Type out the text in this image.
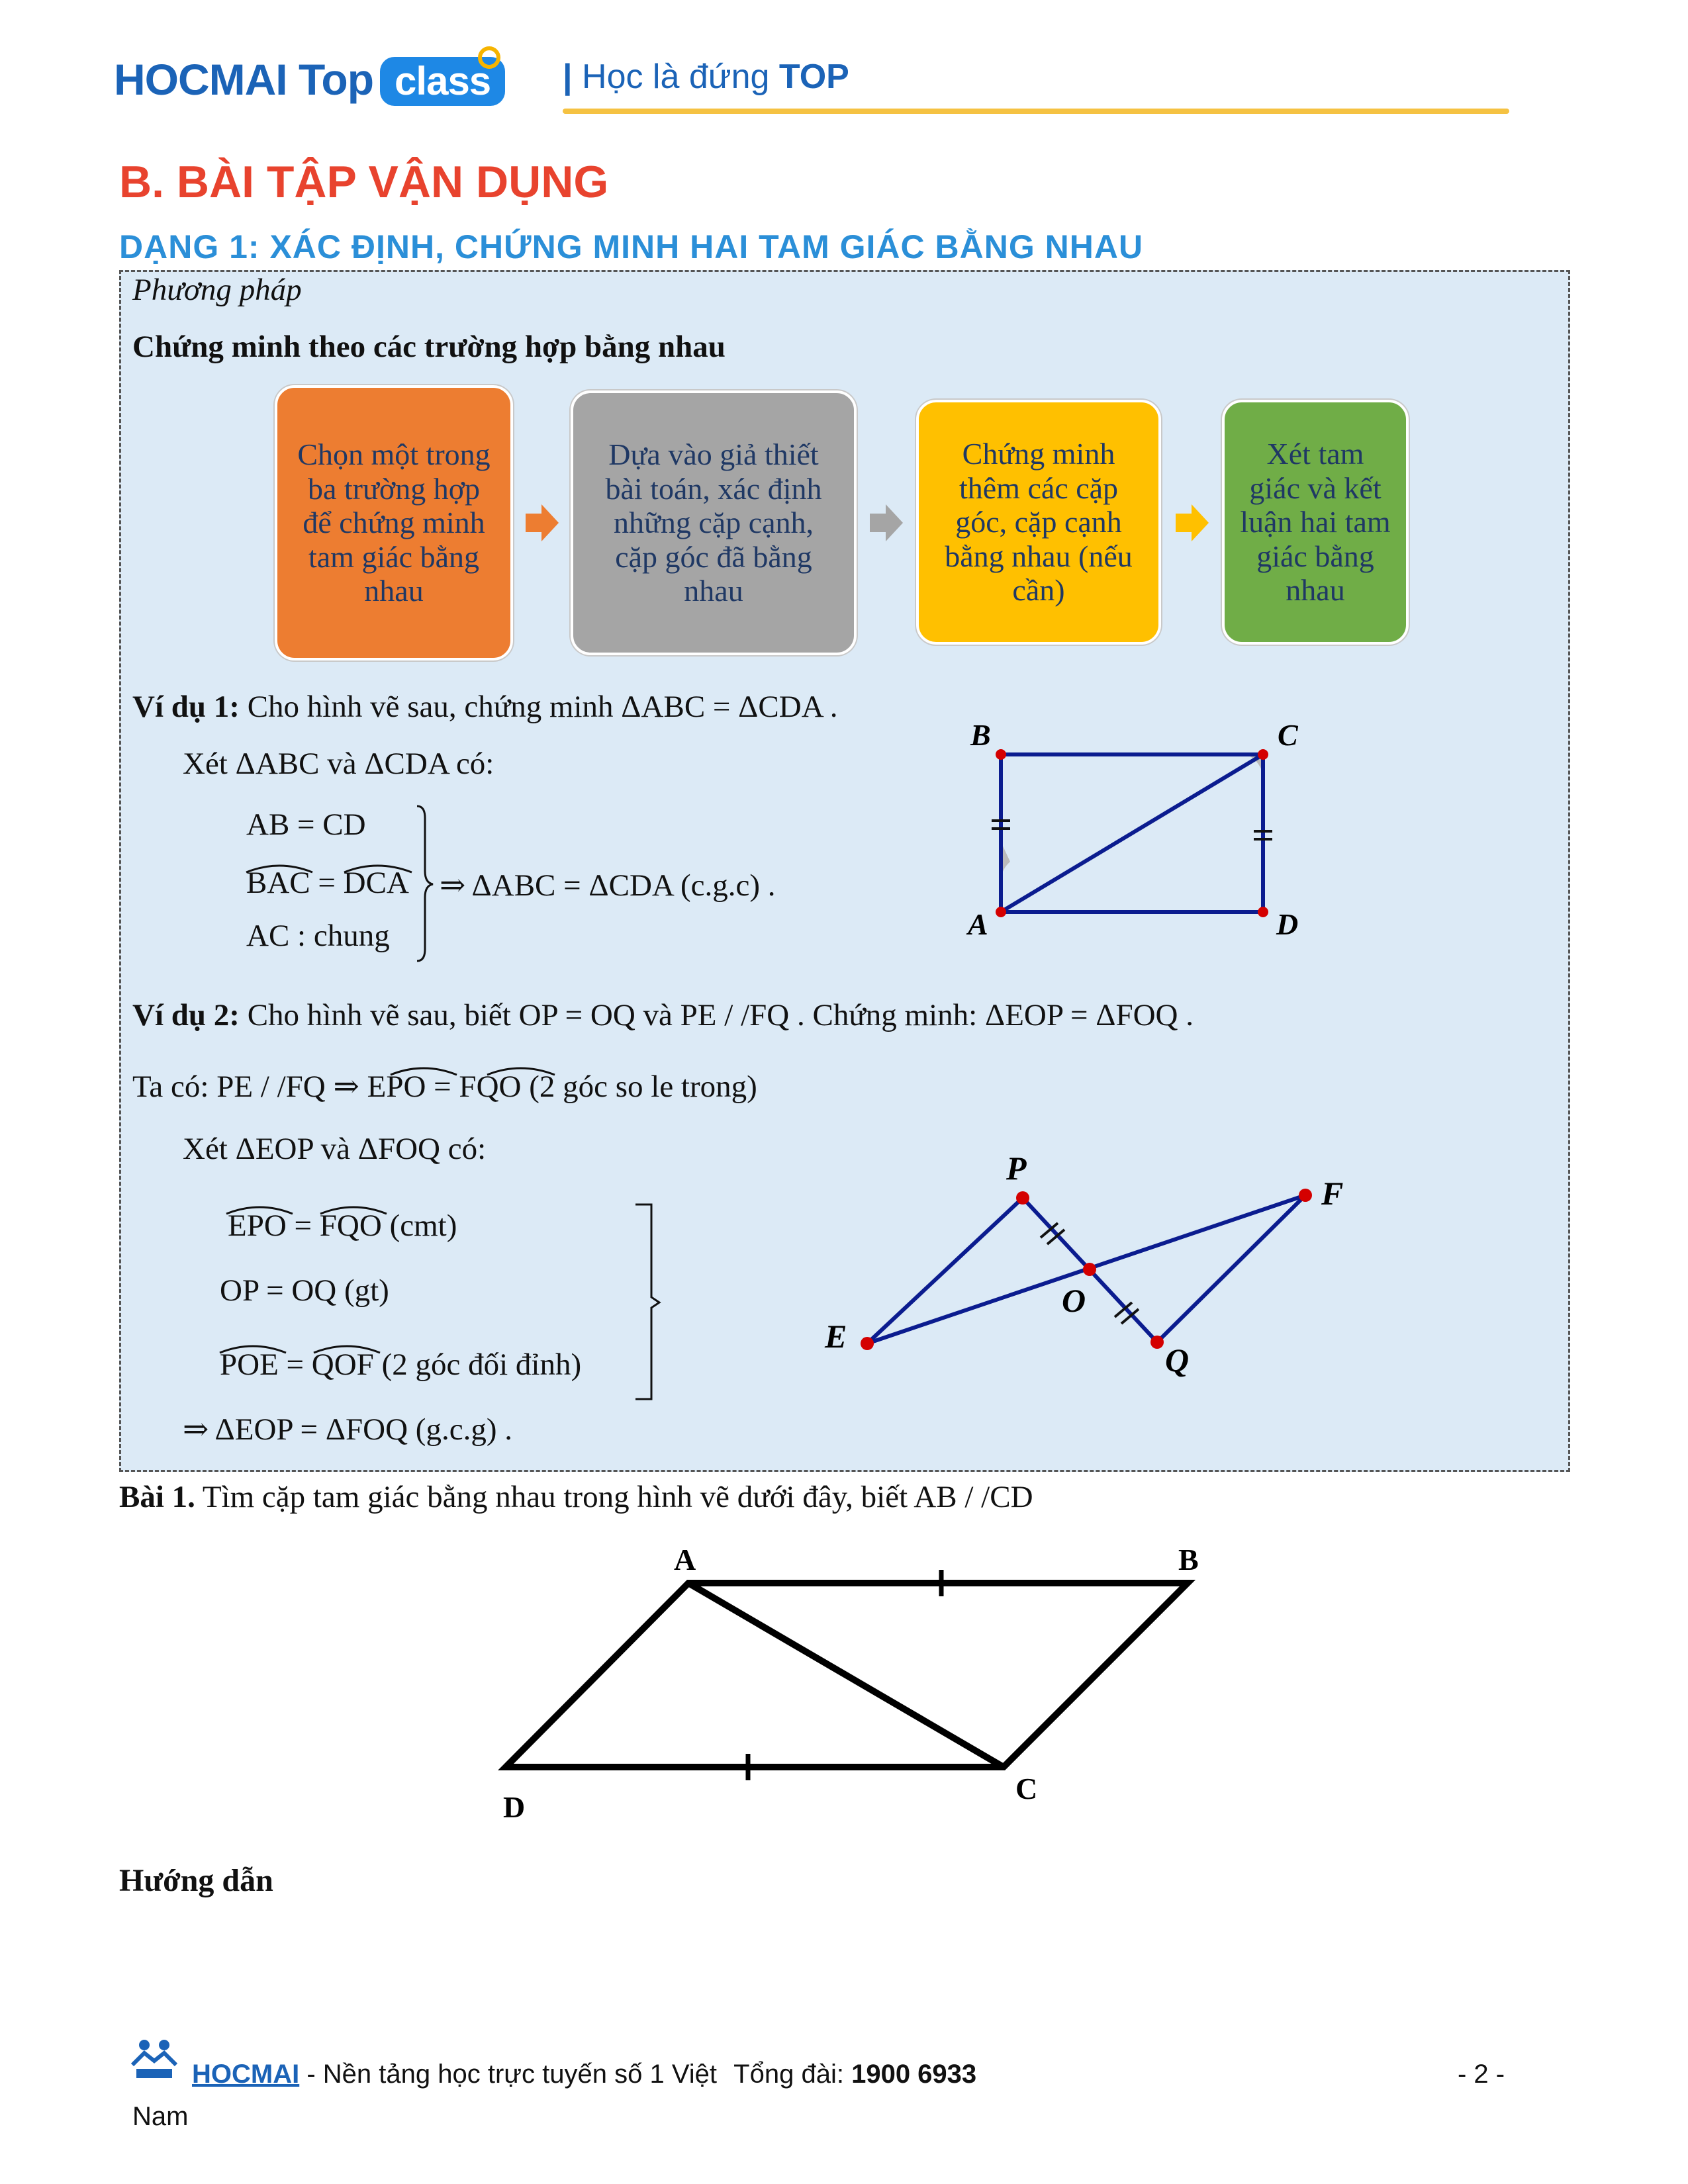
HOCMAI Top class	| Học là đứng TOP
B. BÀI TẬP VẬN DỤNG
DẠNG 1: XÁC ĐỊNH, CHỨNG MINH HAI TAM GIÁC BẰNG NHAU
Phương pháp
Chứng minh theo các trường hợp bằng nhau
Chọn một trong ba trường hợp để chứng minh tam giác bằng nhau
Dựa vào giả thiết bài toán, xác định những cặp cạnh, cặp góc đã bằng nhau
Chứng minh thêm các cặp góc, cặp cạnh bằng nhau (nếu cần)
Xét tam giác và kết luận hai tam giác bằng nhau
Ví dụ 1: Cho hình vẽ sau, chứng minh ΔABC = ΔCDA .
Xét ΔABC và ΔCDA có:
AB = CD
BAC = DCA
AC : chung
⇒ ΔABC = ΔCDA (c.g.c) .
B	C
A	D
Ví dụ 2: Cho hình vẽ sau, biết OP = OQ và PE / /FQ . Chứng minh: ΔEOP = ΔFOQ .
Ta có: PE / /FQ ⇒ EPO = FQO (2 góc so le trong)
Xét ΔEOP và ΔFOQ có:
EPO = FQO (cmt)
OP = OQ (gt)
POE = QOF (2 góc đối đỉnh)
⇒ ΔEOP = ΔFOQ (g.c.g) .
P
F
O
E
Q
Bài 1. Tìm cặp tam giác bằng nhau trong hình vẽ dưới đây, biết AB / /CD
A	B
C
D
Hướng dẫn
HOCMAI - Nền tảng học trực tuyến số 1 Việt Tổng đài: 1900 6933	- 2 -
Nam
